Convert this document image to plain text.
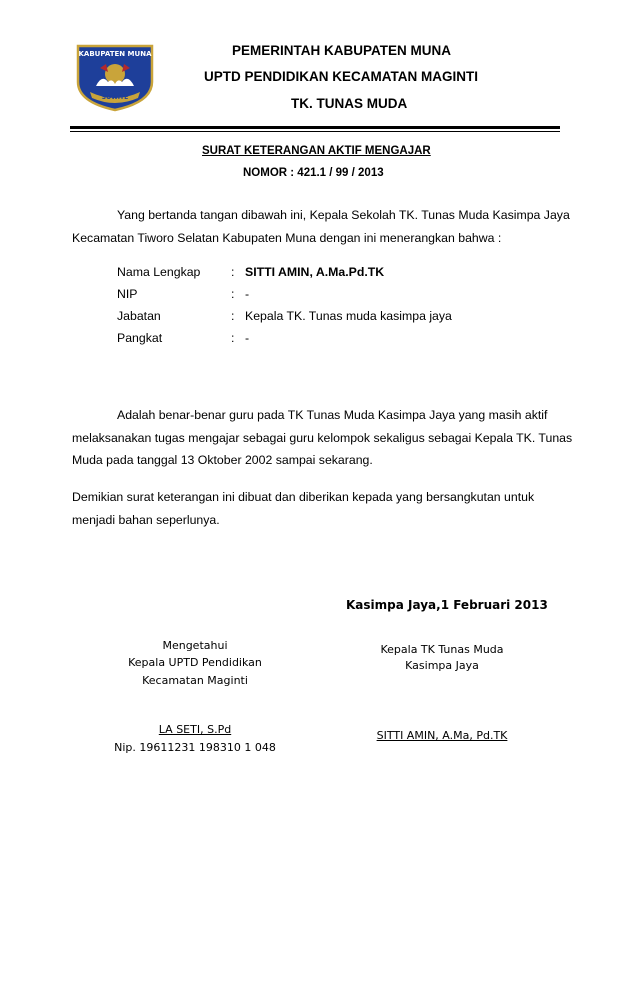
KABUPATEN MUNA
SOWITE
PEMERINTAH KABUPATEN MUNA
UPTD PENDIDIKAN KECAMATAN MAGINTI
TK. TUNAS MUDA
SURAT KETERANGAN AKTIF MENGAJAR
NOMOR : 421.1 / 99 / 2013
Yang bertanda tangan dibawah ini, Kepala Sekolah TK. Tunas Muda Kasimpa Jaya
Kecamatan Tiworo Selatan Kabupaten Muna dengan ini menerangkan bahwa :
Nama Lengkap : SITTI AMIN, A.Ma.Pd.TK
NIP	: -
Jabatan	: Kepala TK. Tunas muda kasimpa jaya
Pangkat	: -
Adalah benar-benar guru pada TK Tunas Muda Kasimpa Jaya yang masih aktif
melaksanakan tugas mengajar sebagai guru kelompok sekaligus sebagai Kepala TK. Tunas
Muda pada tanggal 13 Oktober 2002 sampai sekarang.
Demikian surat keterangan ini dibuat dan diberikan kepada yang bersangkutan untuk
menjadi bahan seperlunya.
Kasimpa Jaya,1 Februari 2013
Mengetahui
Kepala UPTD Pendidikan
Kecamatan Maginti
LA SETI, S.Pd
Nip. 19611231 198310 1 048
Kepala TK Tunas Muda
Kasimpa Jaya
SITTI AMIN, A.Ma, Pd.TK
